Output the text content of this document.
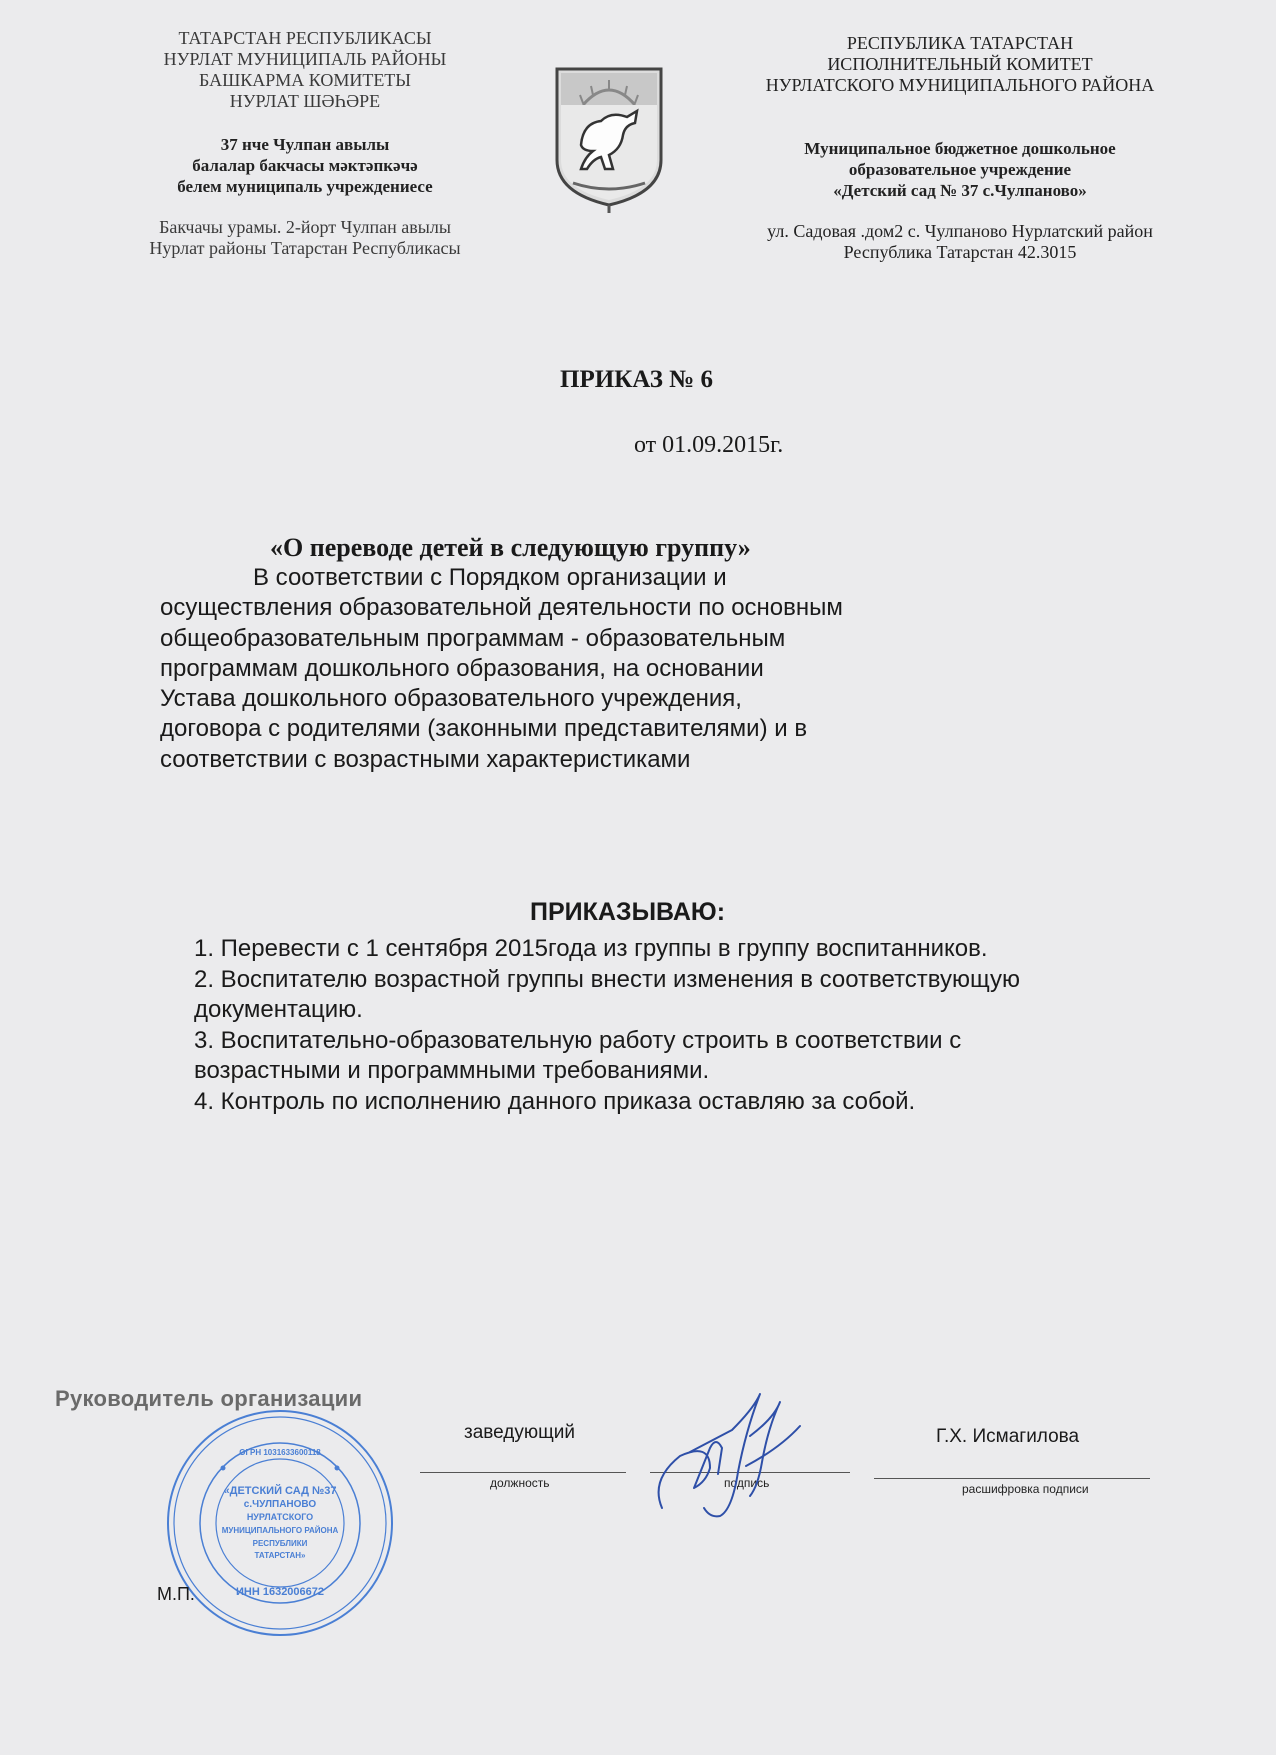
ТАТАРСТАН РЕСПУБЛИКАСЫ
НУРЛАТ МУНИЦИПАЛЬ РАЙОНЫ
БАШКАРМА КОМИТЕТЫ
НУРЛАТ ШӘҺӘРЕ
37 нче Чулпан авылы
балалар бакчасы мәктәпкәчә
белем муниципаль учреждениесе
Бакчачы урамы. 2-йорт Чулпан авылы
Нурлат районы Татарстан Республикасы
РЕСПУБЛИКА ТАТАРСТАН
ИСПОЛНИТЕЛЬНЫЙ КОМИТЕТ
НУРЛАТСКОГО МУНИЦИПАЛЬНОГО РАЙОНА
Муниципальное бюджетное дошкольное
образовательное учреждение
«Детский сад № 37 с.Чулпаново»
ул. Садовая .дом2 с. Чулпаново Нурлатский район
Республика Татарстан 42.3015
ПРИКАЗ № 6
от 01.09.2015г.
«О переводе детей в следующую группу»
В соответствии с Порядком организации и
осуществления образовательной деятельности по основным
общеобразовательным программам - образовательным
программам дошкольного образования, на основании
Устава дошкольного образовательного учреждения,
договора с родителями (законными представителями) и в
соответствии с возрастными характеристиками
ПРИКАЗЫВАЮ:
1. Перевести с 1 сентября 2015года из группы в группу воспитанников.
2. Воспитателю возрастной группы внести изменения в соответствующую
документацию.
3. Воспитательно-образовательную работу строить в соответствии с
возрастными и программными требованиями.
4. Контроль по исполнению данного приказа оставляю за собой.
Руководитель организации
заведующий
должность	подпись
Г.Х. Исмагилова
расшифровка подписи
«ДЕТСКИЙ САД №37
с.ЧУЛПАНОВО
НУРЛАТСКОГО
МУНИЦИПАЛЬНОГО РАЙОНА
РЕСПУБЛИКИ
ТАТАРСТАН»
ОГРН 1031633600118
ИНН 1632006672
М.П.
